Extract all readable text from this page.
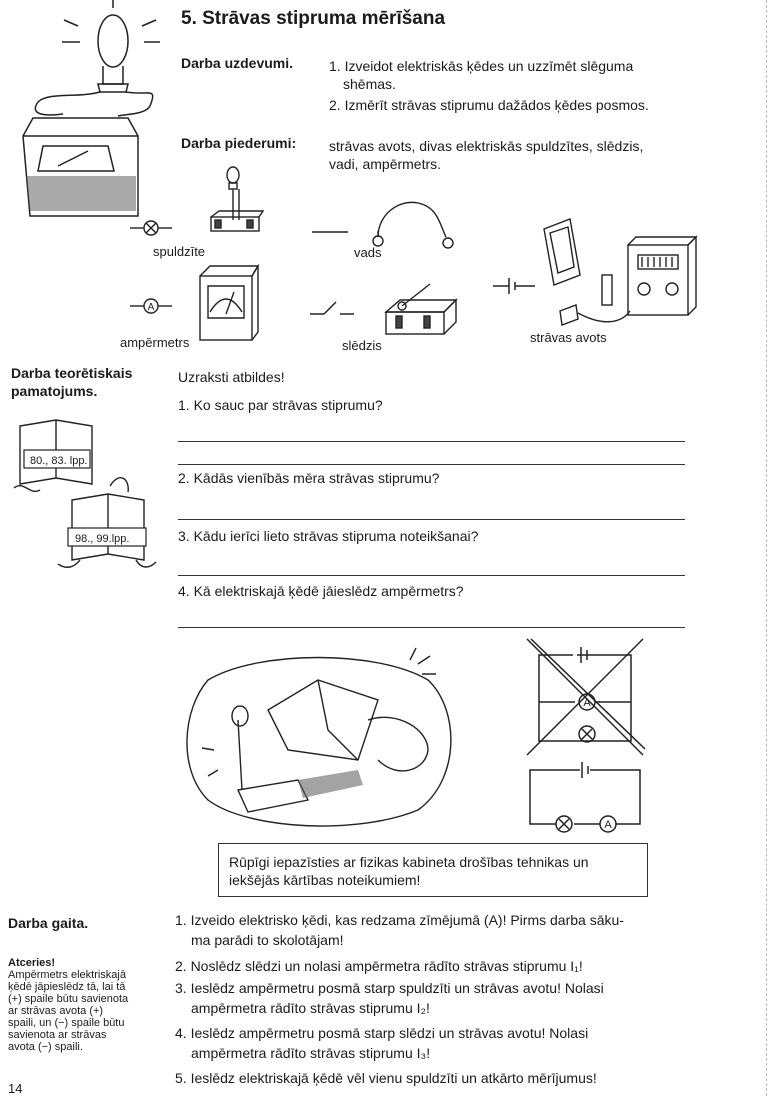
5. Strāvas stipruma mērīšana
Darba uzdevumi.	1. Izveidot elektriskās ķēdes un uzzīmēt slēguma
shēmas.
2. Izmērīt strāvas stiprumu dažādos ķēdes posmos.
Darba piederumi: strāvas avots, divas elektriskās spuldzītes, slēdzis,
vadi, ampērmetrs.
spuldzīte	vads
A
ampērmetrs	slēdzis
strāvas avots
Darba teorētiskais
pamatojums.
80., 83. lpp.
98., 99.lpp.
Uzraksti atbildes!
1. Ko sauc par strāvas stiprumu?
2. Kādās vienībās mēra strāvas stiprumu?
3. Kādu ierīci lieto strāvas stipruma noteikšanai?
4. Kā elektriskajā ķēdē jāieslēdz ampērmetrs?
A
A
Rūpīgi iepazīsties ar fizikas kabineta drošības tehnikas un
iekšējās kārtības noteikumiem!
Darba gaita.	1. Izveido elektrisko ķēdi, kas redzama zīmējumā (A)! Pirms darba sāku-
ma parādi to skolotājam!
2. Noslēdz slēdzi un nolasi ampērmetra rādīto strāvas stiprumu I₁!
3. Ieslēdz ampērmetru posmā starp spuldzīti un strāvas avotu! Nolasi
ampērmetra rādīto strāvas stiprumu I₂!
4. Ieslēdz ampērmetru posmā starp slēdzi un strāvas avotu! Nolasi
ampērmetra rādīto strāvas stiprumu I₃!
5. Ieslēdz elektriskajā ķēdē vēl vienu spuldzīti un atkārto mērījumus!
Atceries!
Ampērmetrs elektriskajā
ķēdē jāpieslēdz tā, lai tā
(+) spaile būtu savienota
ar strāvas avota (+)
spaili, un (−) spaile būtu
savienota ar strāvas
avota (−) spaili.
14
